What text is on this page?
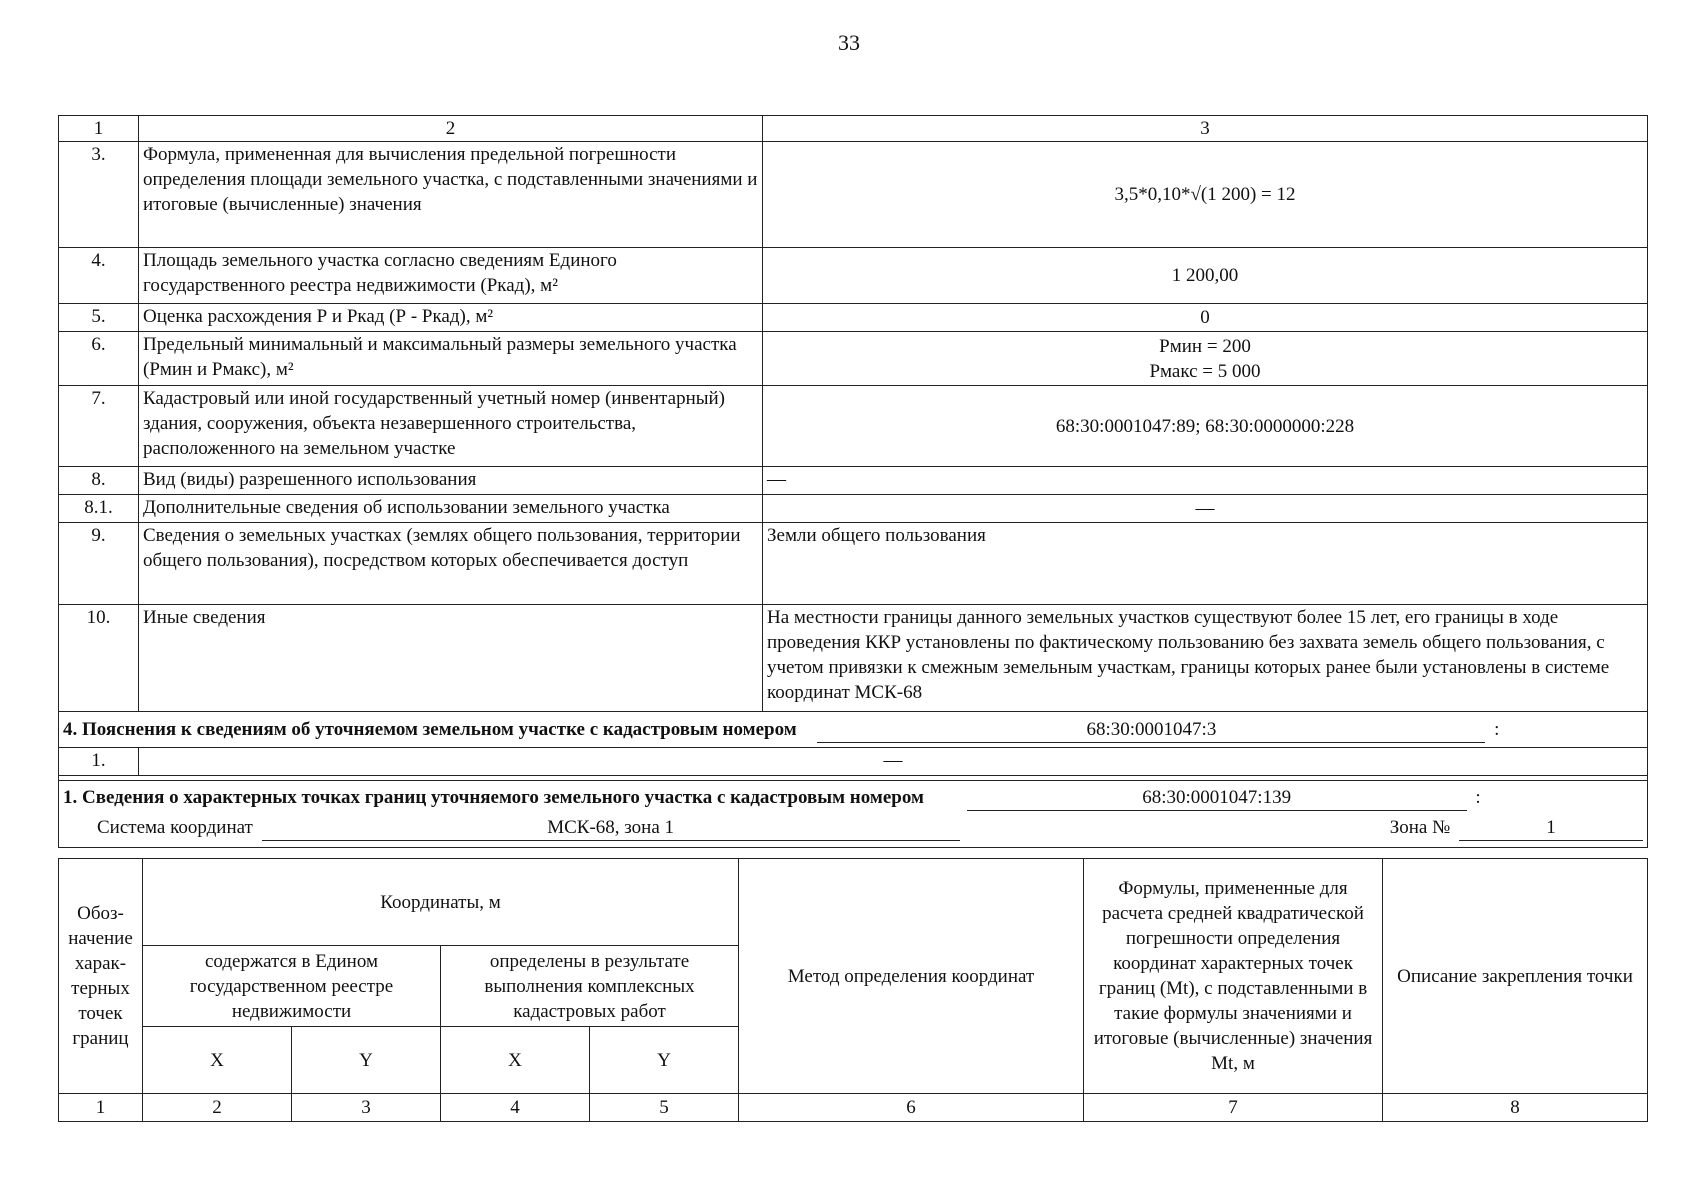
33
1	2	3
3.	Формула, примененная для вычисления предельной погрешности определения площади земельного участка, с подставленными значениями и итоговые (вычисленные) значения	3,5*0,10*√(1 200) = 12
4.	Площадь земельного участка согласно сведениям Единого государственного реестра недвижимости (Ркад), м²	1 200,00
5.	Оценка расхождения Р и Ркад (Р - Ркад), м²	0
6.	Предельный минимальный и максимальный размеры земельного участка (Рмин и Рмакс), м²	Рмин = 200
Рмакс = 5 000

7.	Кадастровый или иной государственный учетный номер (инвентарный) здания, сооружения, объекта незавершенного строительства, расположенного на земельном участке	68:30:0001047:89; 68:30:0000000:228
8.	Вид (виды) разрешенного использования	—
8.1.	Дополнительные сведения об использовании земельного участка	—
9.	Сведения о земельных участках (землях общего пользования, территории общего пользования), посредством которых обеспечивается доступ	Земли общего пользования
10.	Иные сведения	На местности границы данного земельных участков существуют более 15 лет, его границы в ходе проведения ККР установлены по фактическому пользованию без захвата земель общего пользования, с учетом привязки к смежным земельным участкам, границы которых ранее были установлены в системе координат МСК-68
4. Пояснения к сведениям об уточняемом земельном участке с кадастровым номером 68:30:0001047:3 :		
1.	—	

1. Сведения о характерных точках границ уточняемого земельного участка с кадастровым номером 68:30:0001047:139 :
Система координат МСК-68, зона 1 Зона № 1		
Обоз-начение харак-терных точек границ	Координаты, м				Метод определения координат	Формулы, примененные для расчета средней квадратической погрешности определения координат характерных точек границ (Mt), с подставленными в такие формулы значениями и итоговые (вычисленные) значения Mt, м	Описание закрепления точки
	содержатся в Едином государственном реестре недвижимости		определены в результате выполнения комплексных кадастровых работ				
	X	Y	X	Y			
1	2	3	4	5	6	7	8
